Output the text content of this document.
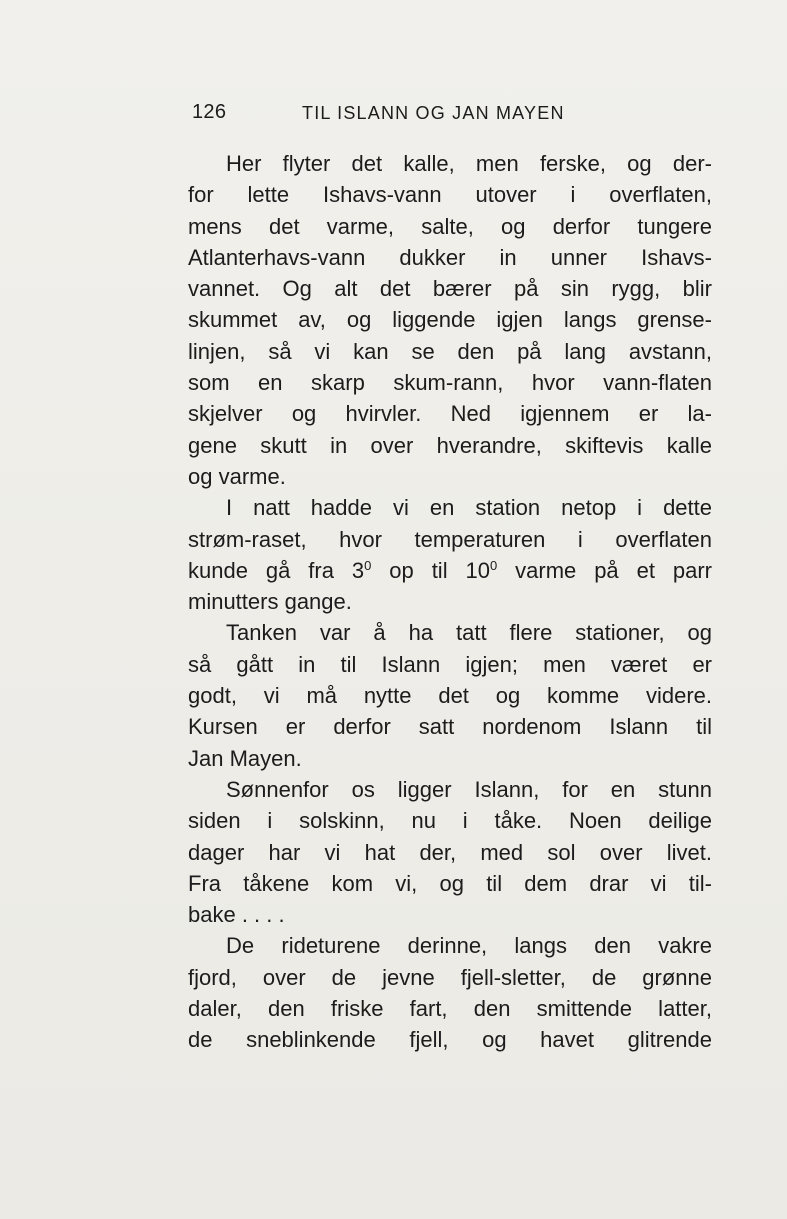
126	TIL ISLANN OG JAN MAYEN
Her flyter det kalle, men ferske, og der-
for lette Ishavs-vann utover i overflaten,
mens det varme, salte, og derfor tungere
Atlanterhavs-vann dukker in unner Ishavs-
vannet. Og alt det bærer på sin rygg, blir
skummet av, og liggende igjen langs grense-
linjen, så vi kan se den på lang avstann,
som en skarp skum-rann, hvor vann-flaten
skjelver og hvirvler. Ned igjennem er la-
gene skutt in over hverandre, skiftevis kalle
og varme.
I natt hadde vi en station netop i dette
strøm-raset, hvor temperaturen i overflaten
kunde gå fra $3^0$ op til $10^0$ varme på et parr
minutters gange.
Tanken var å ha tatt flere stationer, og
så gått in til Islann igjen; men været er
godt, vi må nytte det og komme videre.
Kursen er derfor satt nordenom Islann til
Jan Mayen.
Sønnenfor os ligger Islann, for en stunn
siden i solskinn, nu i tåke. Noen deilige
dager har vi hat der, med sol over livet.
Fra tåkene kom vi, og til dem drar vi til-
bake . . . .
De rideturene derinne, langs den vakre
fjord, over de jevne fjell-sletter, de grønne
daler, den friske fart, den smittende latter,
de sneblinkende fjell, og havet glitrende
